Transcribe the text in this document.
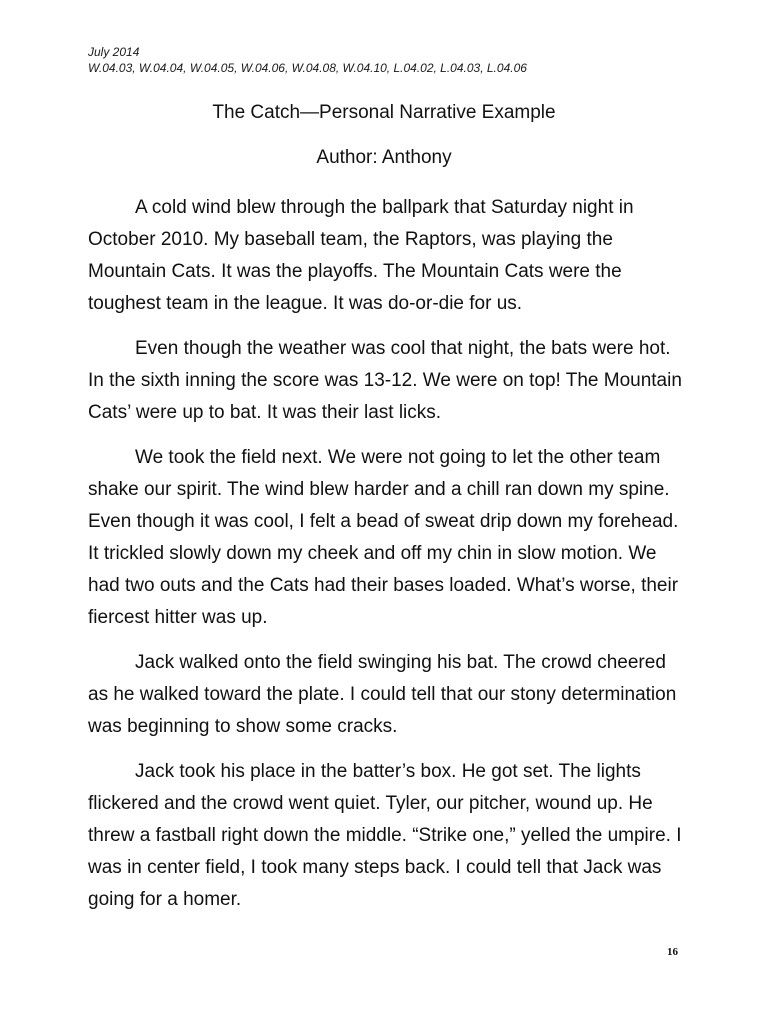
July 2014
W.04.03, W.04.04, W.04.05, W.04.06, W.04.08, W.04.10, L.04.02, L.04.03, L.04.06
The Catch—Personal Narrative Example
Author: Anthony

A cold wind blew through the ballpark that Saturday night in October 2010. My baseball team, the Raptors, was playing the Mountain Cats. It was the playoffs. The Mountain Cats were the toughest team in the league. It was do-or-die for us.

Even though the weather was cool that night, the bats were hot. In the sixth inning the score was 13-12. We were on top! The Mountain Cats’ were up to bat. It was their last licks.

We took the field next. We were not going to let the other team shake our spirit. The wind blew harder and a chill ran down my spine. Even though it was cool, I felt a bead of sweat drip down my forehead. It trickled slowly down my cheek and off my chin in slow motion. We had two outs and the Cats had their bases loaded. What’s worse, their fiercest hitter was up.

Jack walked onto the field swinging his bat. The crowd cheered as he walked toward the plate. I could tell that our stony determination was beginning to show some cracks.

Jack took his place in the batter’s box. He got set. The lights flickered and the crowd went quiet. Tyler, our pitcher, wound up. He threw a fastball right down the middle. “Strike one,” yelled the umpire. I was in center field, I took many steps back. I could tell that Jack was going for a homer.

16
